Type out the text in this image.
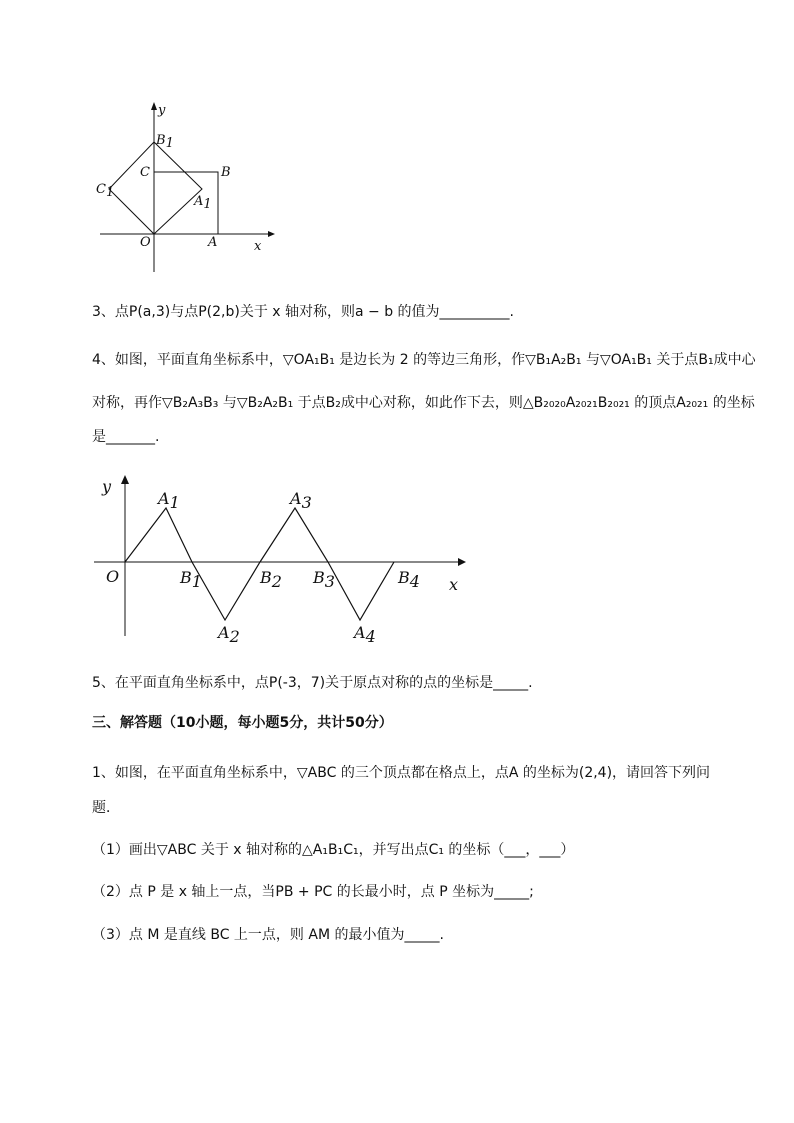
y
x
O	A
B
C
B1
C1
A1
3、点P(a,3)与点P(2,b)关于 x 轴对称，则a − b 的值为__________.
4、如图，平面直角坐标系中，▽OA₁B₁ 是边长为 2 的等边三角形，作▽B₁A₂B₁ 与▽OA₁B₁ 关于点B₁成中心
对称，再作▽B₂A₃B₃ 与▽B₂A₂B₁ 于点B₂成中心对称，如此作下去，则△B₂₀₂₀A₂₀₂₁B₂₀₂₁ 的顶点A₂₀₂₁ 的坐标
是_______.
y
x
O
A1
A2
A3
A4
B1	B2 B3	B4
5、在平面直角坐标系中，点P(-3，7)关于原点对称的点的坐标是_____.
三、解答题（10小题，每小题5分，共计50分）
1、如图，在平面直角坐标系中，▽ABC 的三个顶点都在格点上，点A 的坐标为(2,4)，请回答下列问
题．
（1）画出▽ABC 关于 x 轴对称的△A₁B₁C₁，并写出点C₁ 的坐标（___，___）
（2）点 P 是 x 轴上一点，当PB + PC 的长最小时，点 P 坐标为_____;
（3）点 M 是直线 BC 上一点，则 AM 的最小值为_____.
